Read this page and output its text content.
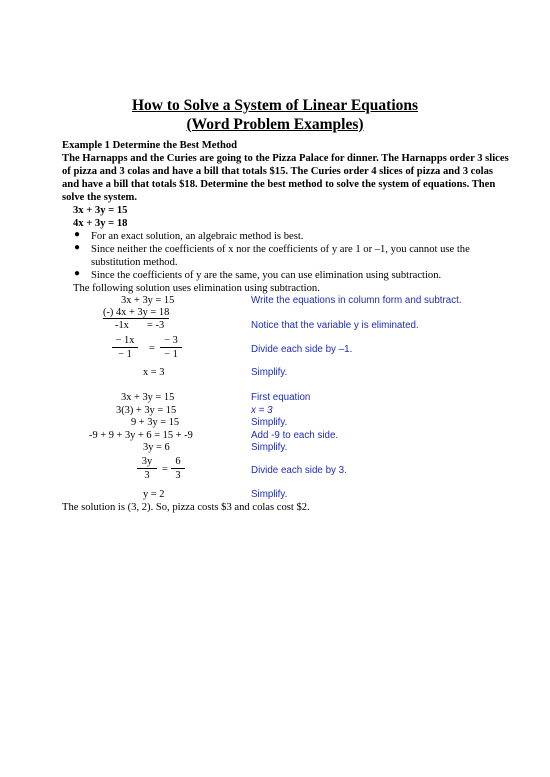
How to Solve a System of Linear Equations
(Word Problem Examples)
Example 1 Determine the Best Method
The Harnapps and the Curies are going to the Pizza Palace for dinner. The Harnapps order 3 slices
of pizza and 3 colas and have a bill that totals $15. The Curies order 4 slices of pizza and 3 colas
and have a bill that totals $18. Determine the best method to solve the system of equations. Then
solve the system.
3x + 3y = 15
4x + 3y = 18
● For an exact solution, an algebraic method is best.
● Since neither the coefficients of x nor the coefficients of y are 1 or –1, you cannot use the
substitution method.
● Since the coefficients of y are the same, you can use elimination using subtraction.
The following solution uses elimination using subtraction.
3x + 3y = 15
(-) 4x + 3y = 18
-1x       = -3
− 1x
− 1
=
− 3
− 1
x = 3
Write the equations in column form and subtract.
Notice that the variable y is eliminated.
Divide each side by –1.
Simplify.
3x + 3y = 15
3(3) + 3y = 15
9 + 3y = 15
-9 + 9 + 3y + 6 = 15 + -9
3y = 6
3y
3
=
6
3
y = 2
First equation
x = 3
Simplify.
Add -9 to each side.
Simplify.
Divide each side by 3.
Simplify.
The solution is (3, 2). So, pizza costs $3 and colas cost $2.
